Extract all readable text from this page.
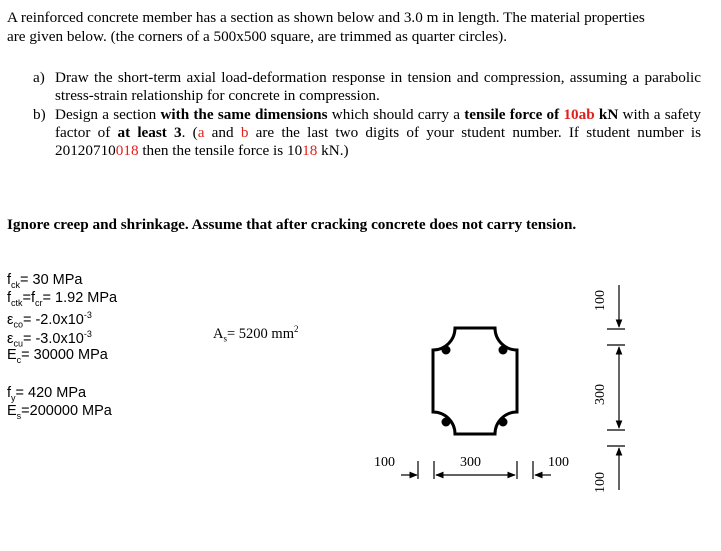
A reinforced concrete member has a section as shown below and 3.0 m in length. The material properties
are given below. (the corners of a 500x500 square, are trimmed as quarter circles).
a) Draw the short-term axial load-deformation response in tension and compression, assuming a parabolic stress-strain relationship for concrete in compression.
b) Design a section with the same dimensions which should carry a tensile force of 10ab kN with a safety factor of at least 3. (a and b are the last two digits of your student number. If student number is 20120710018 then the tensile force is 1018 kN.)
Ignore creep and shrinkage. Assume that after cracking concrete does not carry tension.
$f_{ck}= 30$ MPa
$f_{ctk}=f_{cr}= 1.92$ MPa
$\varepsilon_{co}= -2.0x10^{-3}$
$\varepsilon_{cu}= -3.0x10^{-3}$
$E_c= 30000$ MPa
$f_y= 420$ MPa
$E_s=200000$ MPa
$A_s= 5200$ $mm^2$
100	300	100
100
300
100
